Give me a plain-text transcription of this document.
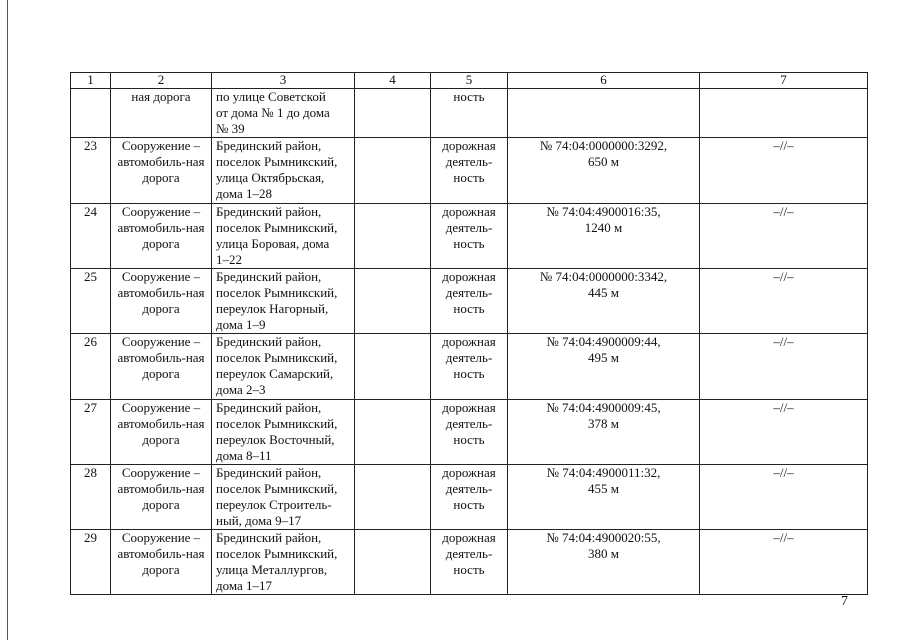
1	2	3	4	5	6	7
	ная дорога	по улице Советской
от дома № 1 до дома
№ 39		ность		
23	Сооружение – автомобиль-ная дорога	Брединский район,
поселок Рымникский,
улица Октябрьская,
дома 1–28		дорожная
деятель-
ность	№ 74:04:0000000:3292,
650 м	–//–
24	Сооружение – автомобиль-ная дорога	Брединский район,
поселок Рымникский,
улица Боровая, дома
1–22		дорожная
деятель-
ность	№ 74:04:4900016:35,
1240 м	–//–
25	Сооружение – автомобиль-ная дорога	Брединский район,
поселок Рымникский,
переулок Нагорный,
дома 1–9		дорожная
деятель-
ность	№ 74:04:0000000:3342,
445 м	–//–
26	Сооружение – автомобиль-ная дорога	Брединский район,
поселок Рымникский,
переулок Самарский,
дома 2–3		дорожная
деятель-
ность	№ 74:04:4900009:44,
495 м	–//–
27	Сооружение – автомобиль-ная дорога	Брединский район,
поселок Рымникский,
переулок Восточный,
дома 8–11		дорожная
деятель-
ность	№ 74:04:4900009:45,
378 м	–//–
28	Сооружение – автомобиль-ная дорога	Брединский район,
поселок Рымникский,
переулок Строитель-
ный, дома 9–17		дорожная
деятель-
ность	№ 74:04:4900011:32,
455 м	–//–
29	Сооружение – автомобиль-ная дорога	Брединский район,
поселок Рымникский,
улица Металлургов,
дома 1–17		дорожная
деятель-
ность	№ 74:04:4900020:55,
380 м	–//–
7
